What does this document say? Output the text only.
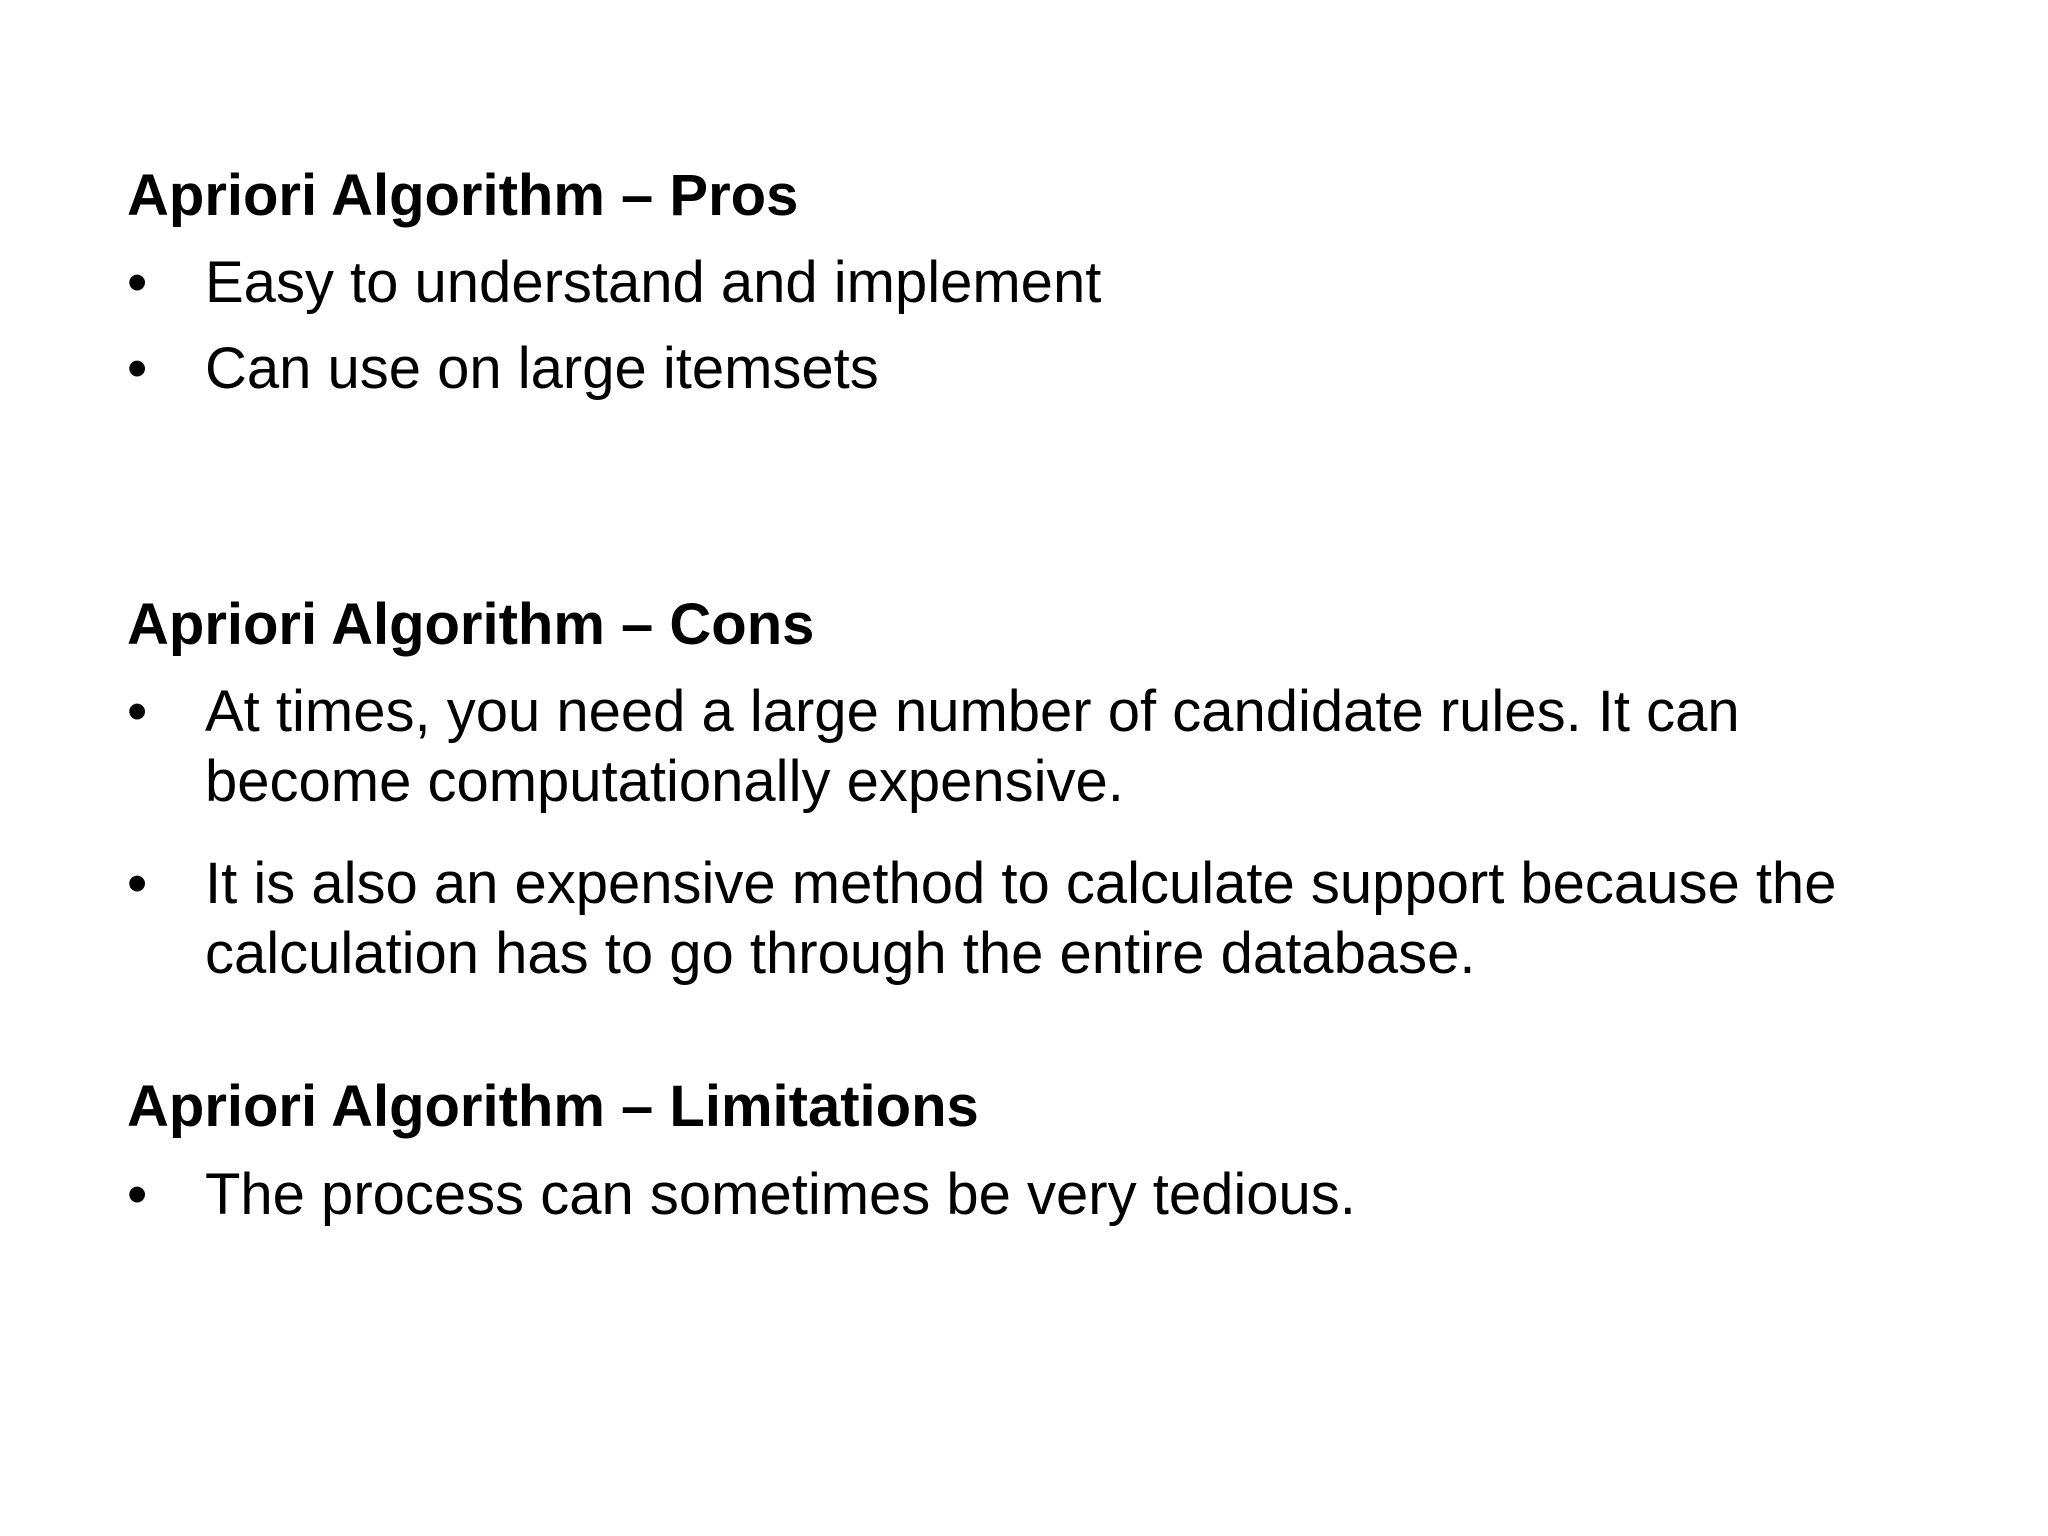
Apriori Algorithm – Pros
• Easy to understand and implement
• Can use on large itemsets
Apriori Algorithm – Cons
• At times, you need a large number of candidate rules. It can become computationally expensive.
• It is also an expensive method to calculate support because the calculation has to go through the entire database.
Apriori Algorithm – Limitations
• The process can sometimes be very tedious.
